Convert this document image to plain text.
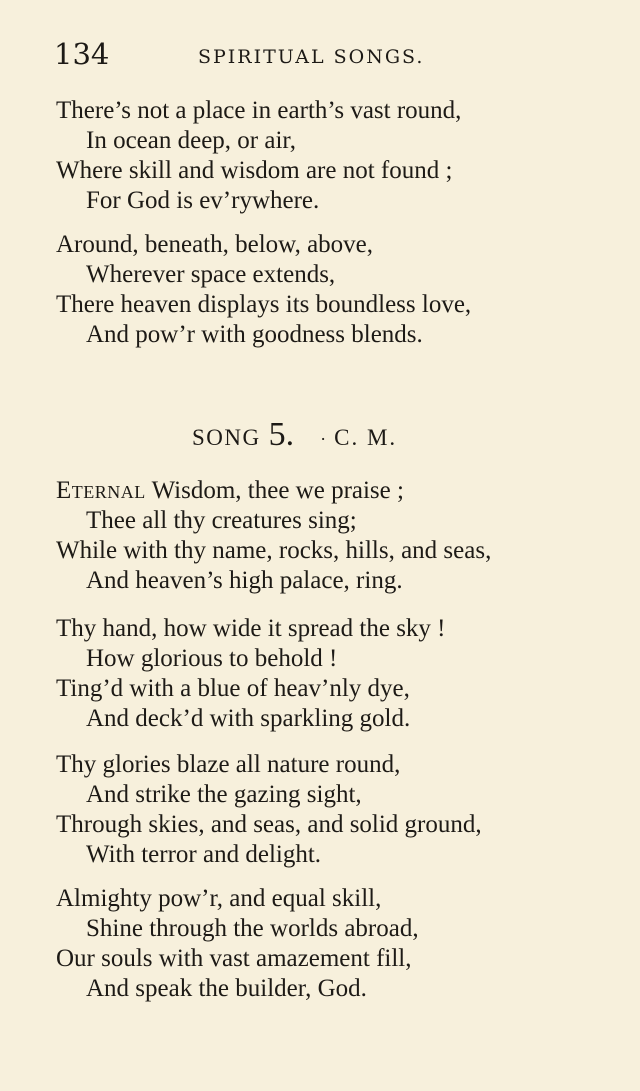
134	SPIRITUAL SONGS.
There’s not a place in earth’s vast round,
In ocean deep, or air,
Where skill and wisdom are not found ;
For God is ev’rywhere.
Around, beneath, below, above,
Wherever space extends,
There heaven displays its boundless love,
And pow’r with goodness blends.
SONG 5. · C. M.
Eternal Wisdom, thee we praise ;
Thee all thy creatures sing;
While with thy name, rocks, hills, and seas,
And heaven’s high palace, ring.
Thy hand, how wide it spread the sky !
How glorious to behold !
Ting’d with a blue of heav’nly dye,
And deck’d with sparkling gold.
Thy glories blaze all nature round,
And strike the gazing sight,
Through skies, and seas, and solid ground,
With terror and delight.
Almighty pow’r, and equal skill,
Shine through the worlds abroad,
Our souls with vast amazement fill,
And speak the builder, God.
